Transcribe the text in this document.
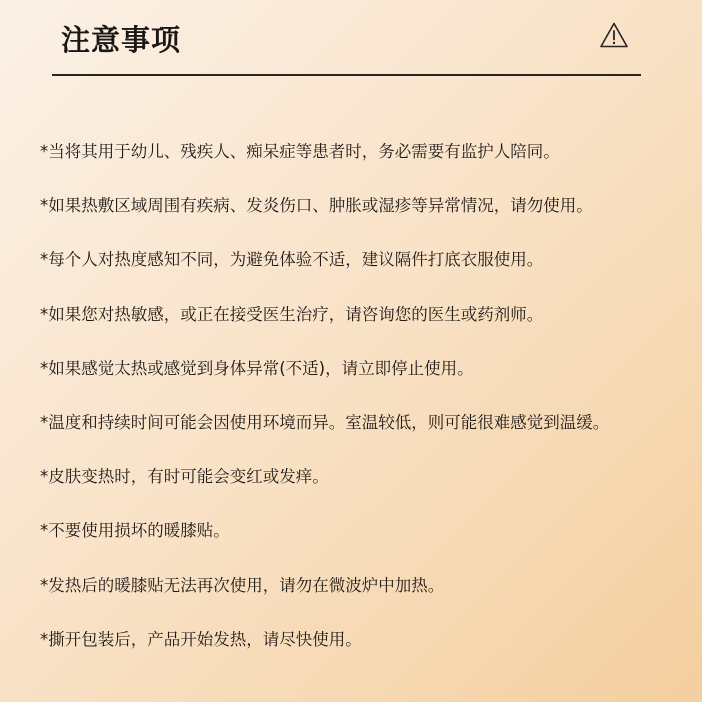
注意事项
*当将其用于幼儿、残疾人、痴呆症等患者时，务必需要有监护人陪同。
*如果热敷区域周围有疾病、发炎伤口、肿胀或湿疹等异常情况，请勿使用。
*每个人对热度感知不同，为避免体验不适，建议隔件打底衣服使用。
*如果您对热敏感，或正在接受医生治疗，请咨询您的医生或药剂师。
*如果感觉太热或感觉到身体异常(不适)，请立即停止使用。
*温度和持续时间可能会因使用环境而异。室温较低，则可能很难感觉到温缓。
*皮肤变热时，有时可能会变红或发痒。
*不要使用损坏的暖膝贴。
*发热后的暖膝贴无法再次使用，请勿在微波炉中加热。
*撕开包装后，产品开始发热，请尽快使用。
